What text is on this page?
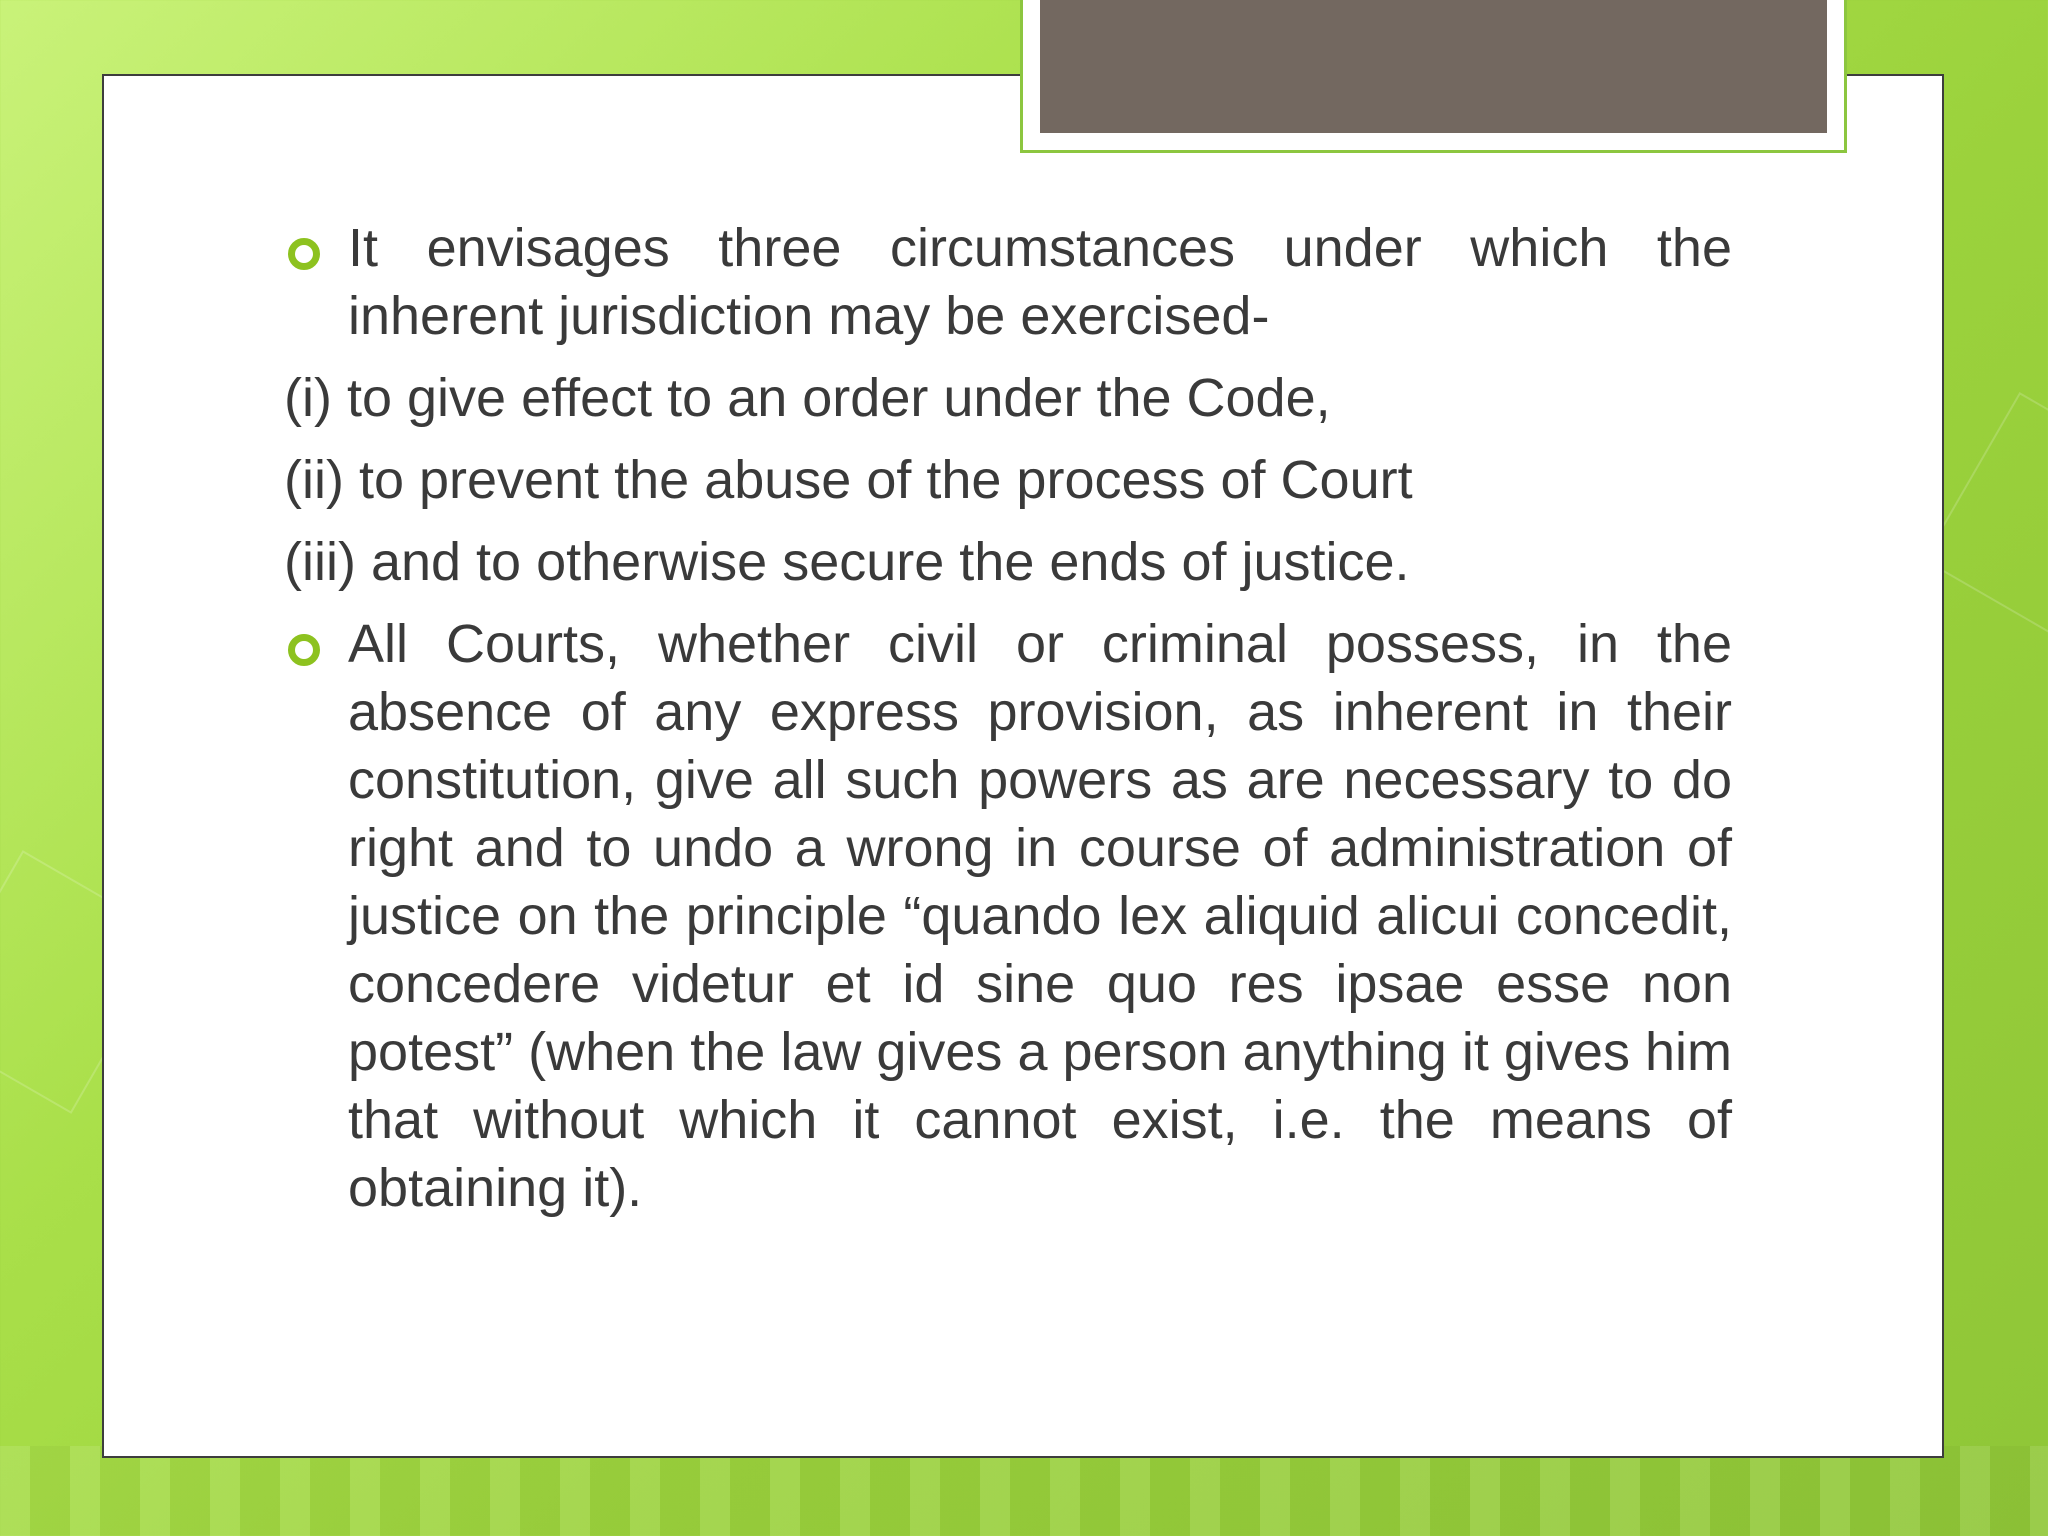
It envisages three circumstances under which the inherent jurisdiction may be exercised-
(i) to give effect to an order under the Code,
(ii) to prevent the abuse of the process of Court
(iii) and to otherwise secure the ends of justice.
All Courts, whether civil or criminal possess, in the absence of any express provision, as inherent in their constitution, give all such powers as are necessary to do right and to undo a wrong in course of administration of justice on the principle “quando lex aliquid alicui concedit, concedere videtur et id sine quo res ipsae esse non potest” (when the law gives a person anything it gives him that without which it cannot exist, i.e. the means of obtaining it).
